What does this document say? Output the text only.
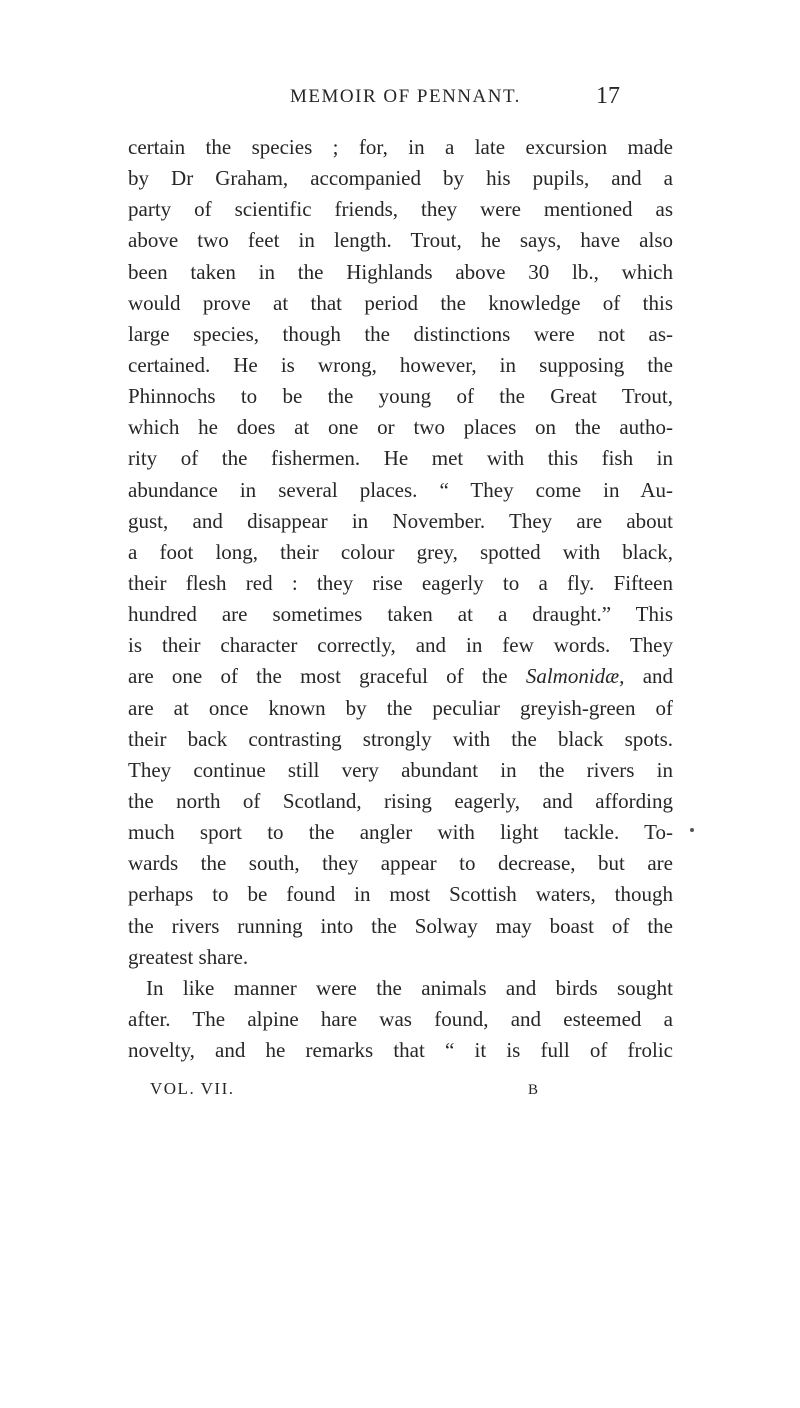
MEMOIR OF PENNANT.	17
certain the species ; for, in a late excursion made
by Dr Graham, accompanied by his pupils, and a
party of scientific friends, they were mentioned as
above two feet in length. Trout, he says, have also
been taken in the Highlands above 30 lb., which
would prove at that period the knowledge of this
large species, though the distinctions were not as-
certained. He is wrong, however, in supposing the
Phinnochs to be the young of the Great Trout,
which he does at one or two places on the autho-
rity of the fishermen. He met with this fish in
abundance in several places. “ They come in Au-
gust, and disappear in November. They are about
a foot long, their colour grey, spotted with black,
their flesh red : they rise eagerly to a fly. Fifteen
hundred are sometimes taken at a draught.” This
is their character correctly, and in few words. They
are one of the most graceful of the Salmonidæ, and
are at once known by the peculiar greyish-green of
their back contrasting strongly with the black spots.
They continue still very abundant in the rivers in
the north of Scotland, rising eagerly, and affording
much sport to the angler with light tackle. To-
wards the south, they appear to decrease, but are
perhaps to be found in most Scottish waters, though
the rivers running into the Solway may boast of the
greatest share.
In like manner were the animals and birds sought
after. The alpine hare was found, and esteemed a
novelty, and he remarks that “ it is full of frolic
VOL. VII.	B
